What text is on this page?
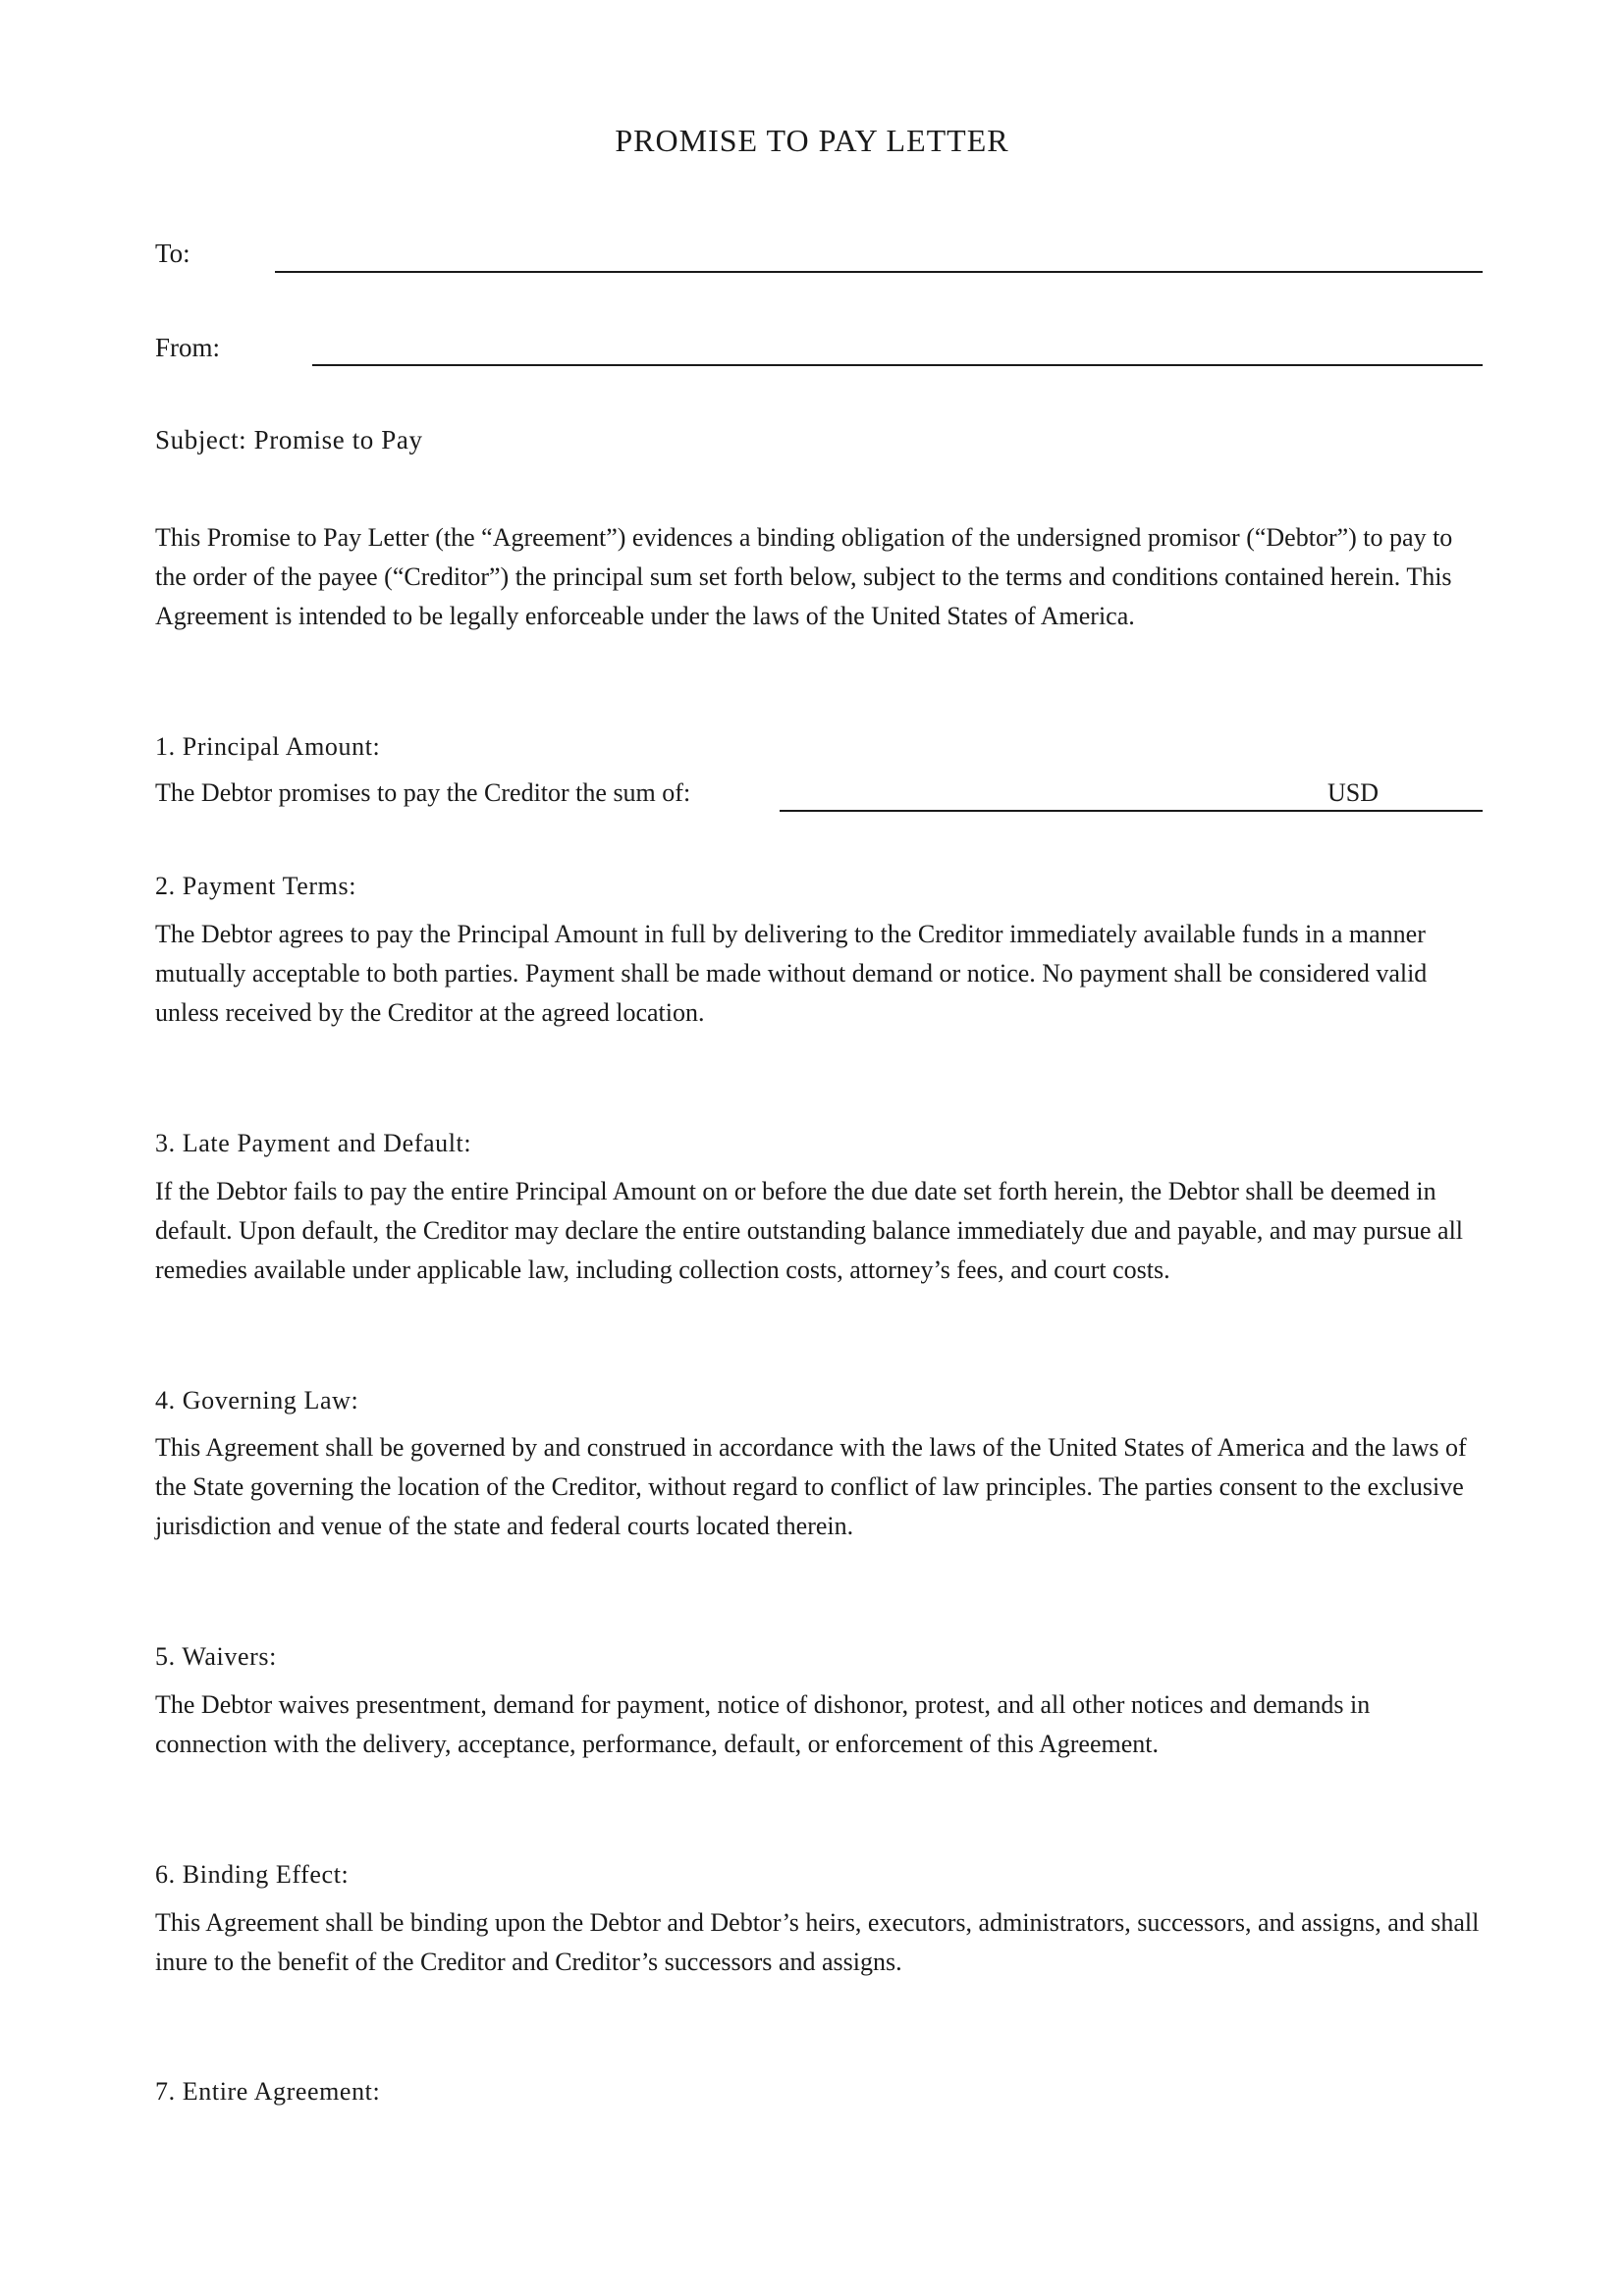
PROMISE TO PAY LETTER
To:
From:
Subject: Promise to Pay
This Promise to Pay Letter (the “Agreement”) evidences a binding obligation of the undersigned promisor (“Debtor”) to pay to the order of the payee (“Creditor”) the principal sum set forth below, subject to the terms and conditions contained herein. This Agreement is intended to be legally enforceable under the laws of the United States of America.
1. Principal Amount:
The Debtor promises to pay the Creditor the sum of:	USD
2. Payment Terms:
The Debtor agrees to pay the Principal Amount in full by delivering to the Creditor immediately available funds in a manner mutually acceptable to both parties. Payment shall be made without demand or notice. No payment shall be considered valid unless received by the Creditor at the agreed location.
3. Late Payment and Default:
If the Debtor fails to pay the entire Principal Amount on or before the due date set forth herein, the Debtor shall be deemed in default. Upon default, the Creditor may declare the entire outstanding balance immediately due and payable, and may pursue all remedies available under applicable law, including collection costs, attorney’s fees, and court costs.
4. Governing Law:
This Agreement shall be governed by and construed in accordance with the laws of the United States of America and the laws of the State governing the location of the Creditor, without regard to conflict of law principles. The parties consent to the exclusive jurisdiction and venue of the state and federal courts located therein.
5. Waivers:
The Debtor waives presentment, demand for payment, notice of dishonor, protest, and all other notices and demands in connection with the delivery, acceptance, performance, default, or enforcement of this Agreement.
6. Binding Effect:
This Agreement shall be binding upon the Debtor and Debtor’s heirs, executors, administrators, successors, and assigns, and shall inure to the benefit of the Creditor and Creditor’s successors and assigns.
7. Entire Agreement:
